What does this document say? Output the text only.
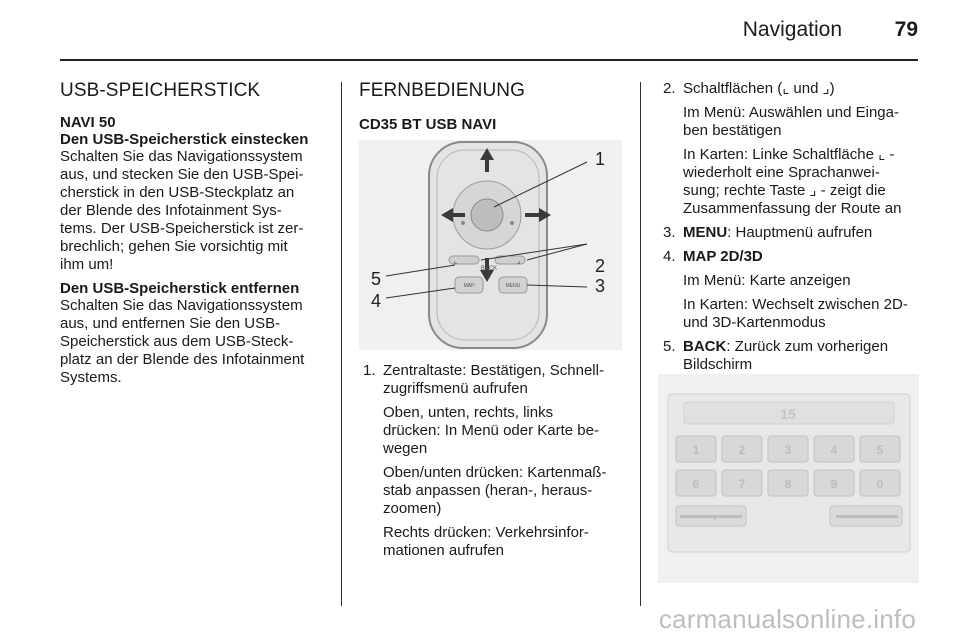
Navigation	79
USB-SPEICHERSTICK
NAVI 50
Den USB-Speicherstick einstecken
Schalten Sie das Navigationssystem
aus, und stecken Sie den USB-Spei-
cherstick in den USB-Steckplatz an
der Blende des Infotainment Sys-
tems. Der USB-Speicherstick ist zer-
brechlich; gehen Sie vorsichtig mit
ihm um!
Den USB-Speicherstick entfernen
Schalten Sie das Navigationssystem
aus, und entfernen Sie den USB-
Speicherstick aus dem USB-Steck-
platz an der Blende des Infotainment
Systems.
FERNBEDIENUNG
CD35 BT USB NAVI
⌞	⌟
BACK
MAP	MENU
1
2
3
4
5
1. Zentraltaste: Bestätigen, Schnell-
zugriffsmenü aufrufen
Oben, unten, rechts, links
drücken: In Menü oder Karte be-
wegen
Oben/unten drücken: Kartenmaß-
stab anpassen (heran-, heraus-
zoomen)
Rechts drücken: Verkehrsinfor-
mationen aufrufen
2. Schaltflächen (⌞ und ⌟)
Im Menü: Auswählen und Einga-
ben bestätigen
In Karten: Linke Schaltfläche ⌞ -
wiederholt eine Sprachanwei-
sung; rechte Taste ⌟ - zeigt die
Zusammenfassung der Route an
3. MENU: Hauptmenü aufrufen
4. MAP 2D/3D
Im Menü: Karte anzeigen
In Karten: Wechselt zwischen 2D-
und 3D-Kartenmodus
5. BACK: Zurück zum vorherigen
Bildschirm
15
1	2	3	4	5
6	7	8	9	0
◂
carmanualsonline.info
